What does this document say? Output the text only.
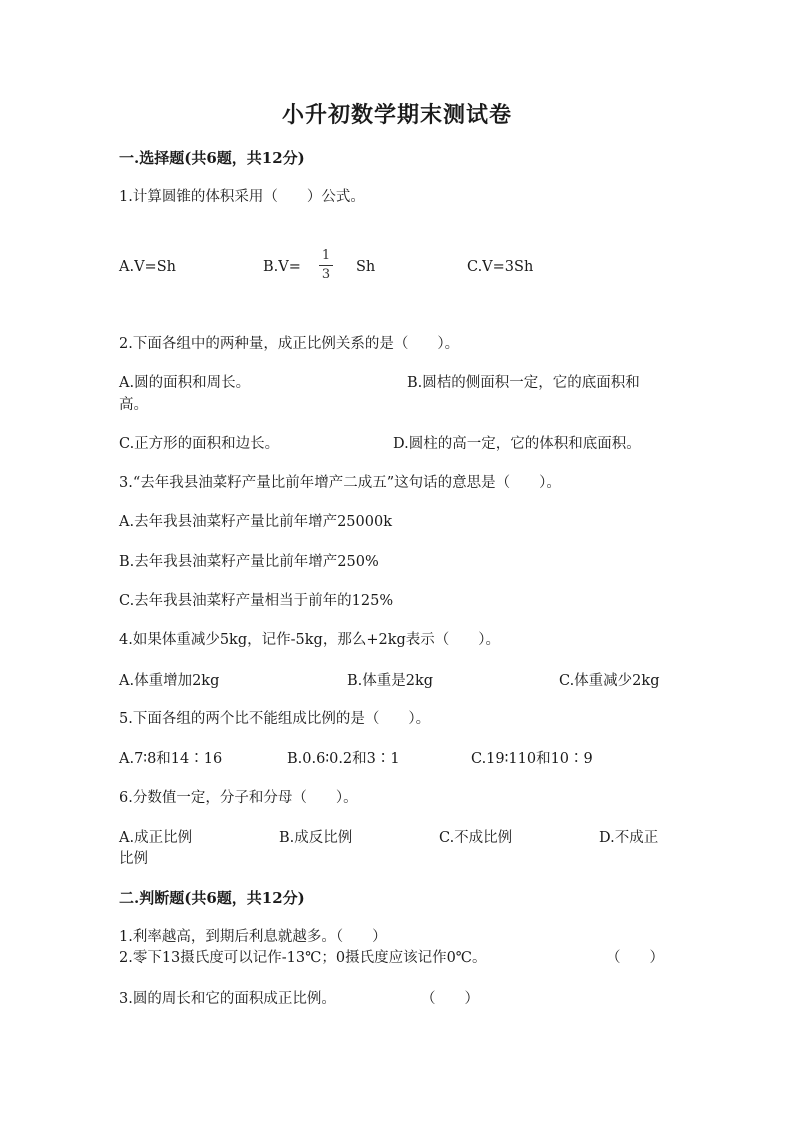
小升初数学期末测试卷
一.选择题(共6题，共12分)
1.计算圆锥的体积采用（　　）公式。
A.V=Sh	B.V=
1
3 Sh	C.V=3Sh
2.下面各组中的两种量，成正比例关系的是（　　）。
A.圆的面积和周长。	B.圆桔的侧面积一定，它的底面积和
高。
C.正方形的面积和边长。	D.圆柱的高一定，它的体积和底面积。
3.“去年我县油菜籽产量比前年增产二成五”这句话的意思是（　　）。
A.去年我县油菜籽产量比前年增产25000k
B.去年我县油菜籽产量比前年增产250%
C.去年我县油菜籽产量相当于前年的125%
4.如果体重减少5kg，记作-5kg，那么+2kg表示（　　）。
A.体重增加2kg	B.体重是2kg	C.体重减少2kg
5.下面各组的两个比不能组成比例的是（　　）。
A.7∶8和14∶16	B.0.6∶0.2和3∶1	C.19∶110和10∶9
6.分数值一定，分子和分母（　　）。
A.成正比例	B.成反比例	C.不成比例	D.不成正
比例
二.判断题(共6题，共12分)
1.利率越高，到期后利息就越多。（　　）
2.零下13摄氏度可以记作-13℃；0摄氏度应该记作0℃。	（　　）
3.圆的周长和它的面积成正比例。	（　　）
